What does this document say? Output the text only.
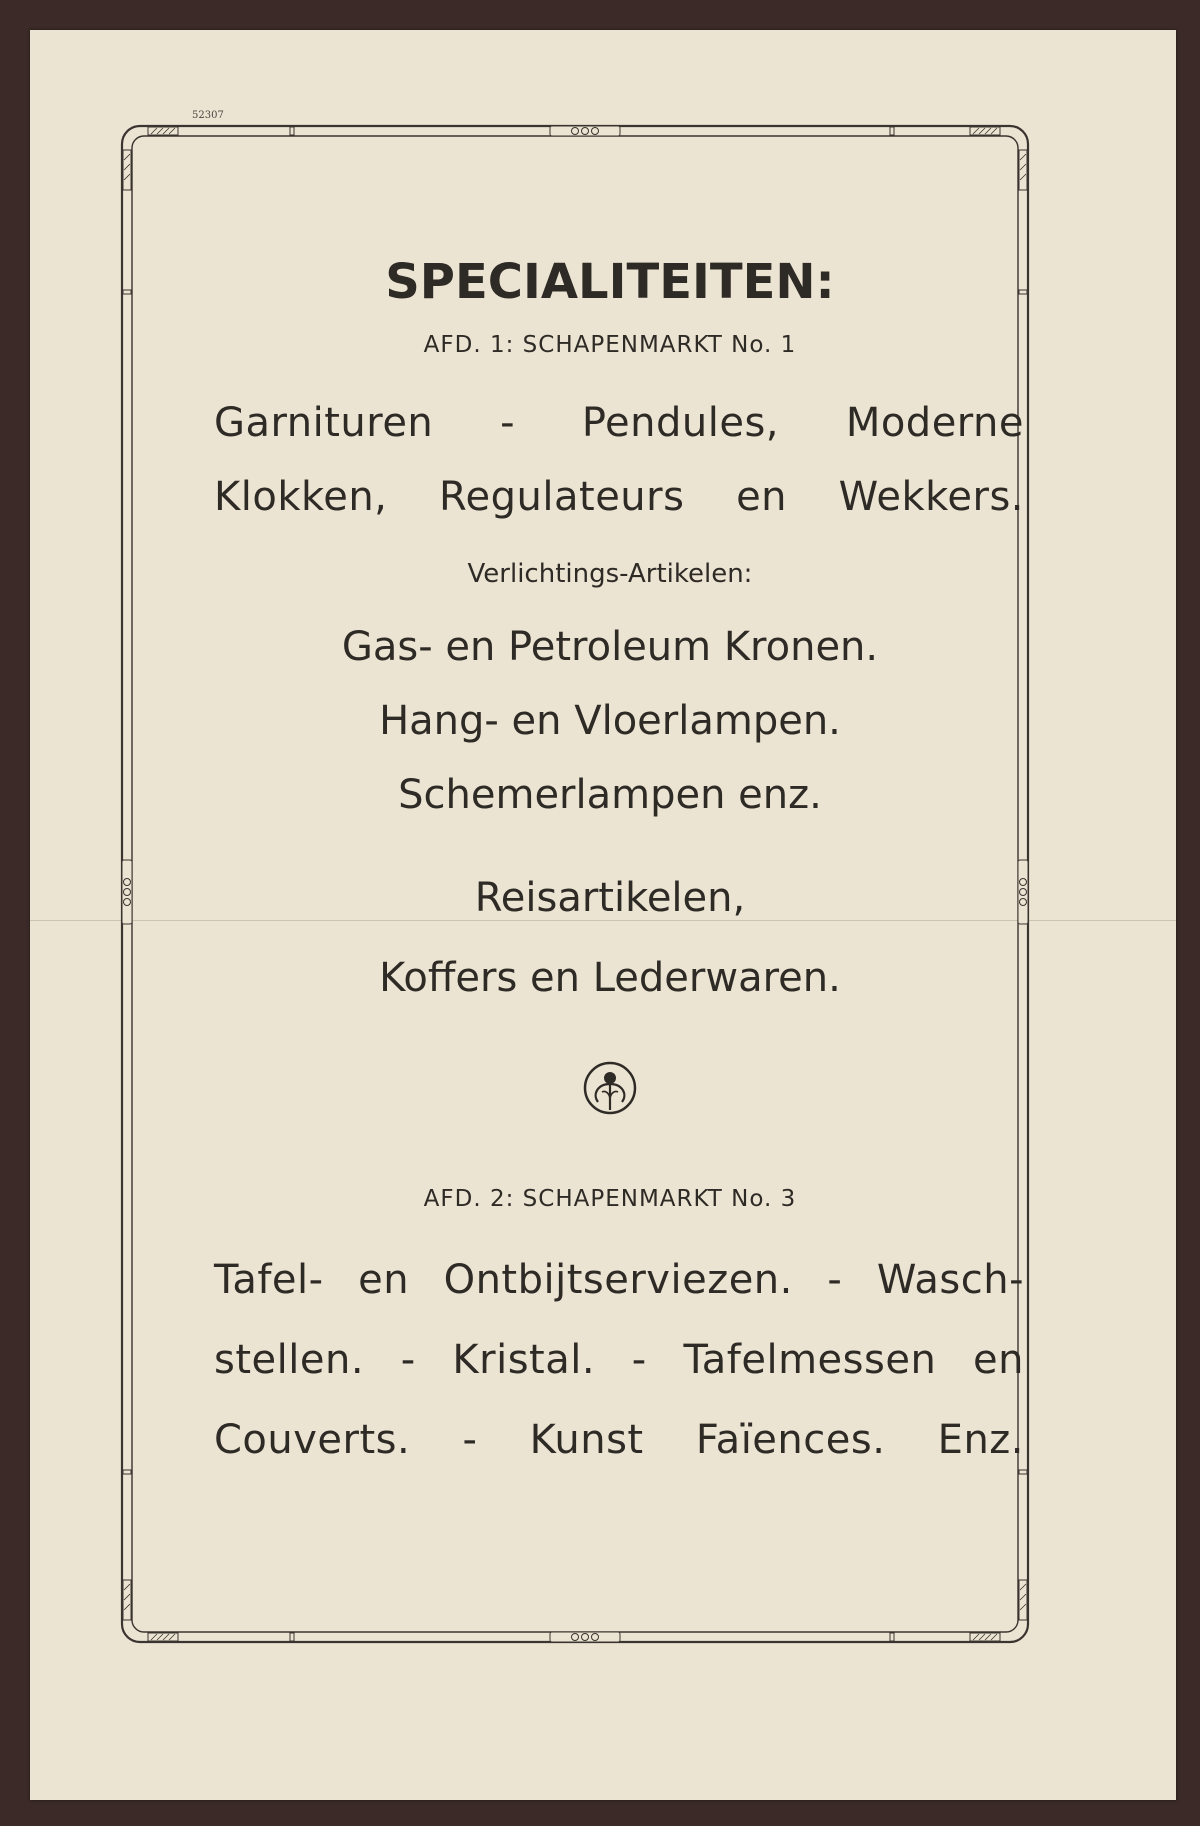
52307
SPECIALITEITEN:

AFD. 1: SCHAPENMARKT No. 1

Garnituren - Pendules, Moderne

Klokken, Regulateurs en Wekkers.

Verlichtings-Artikelen:

Gas- en Petroleum Kronen.

Hang- en Vloerlampen.

Schemerlampen enz.

Reisartikelen,

Koffers en Lederwaren.

AFD. 2: SCHAPENMARKT No. 3

Tafel- en Ontbijtserviezen. - Wasch-

stellen. - Kristal. - Tafelmessen en

Couverts. - Kunst Faïences. Enz.
